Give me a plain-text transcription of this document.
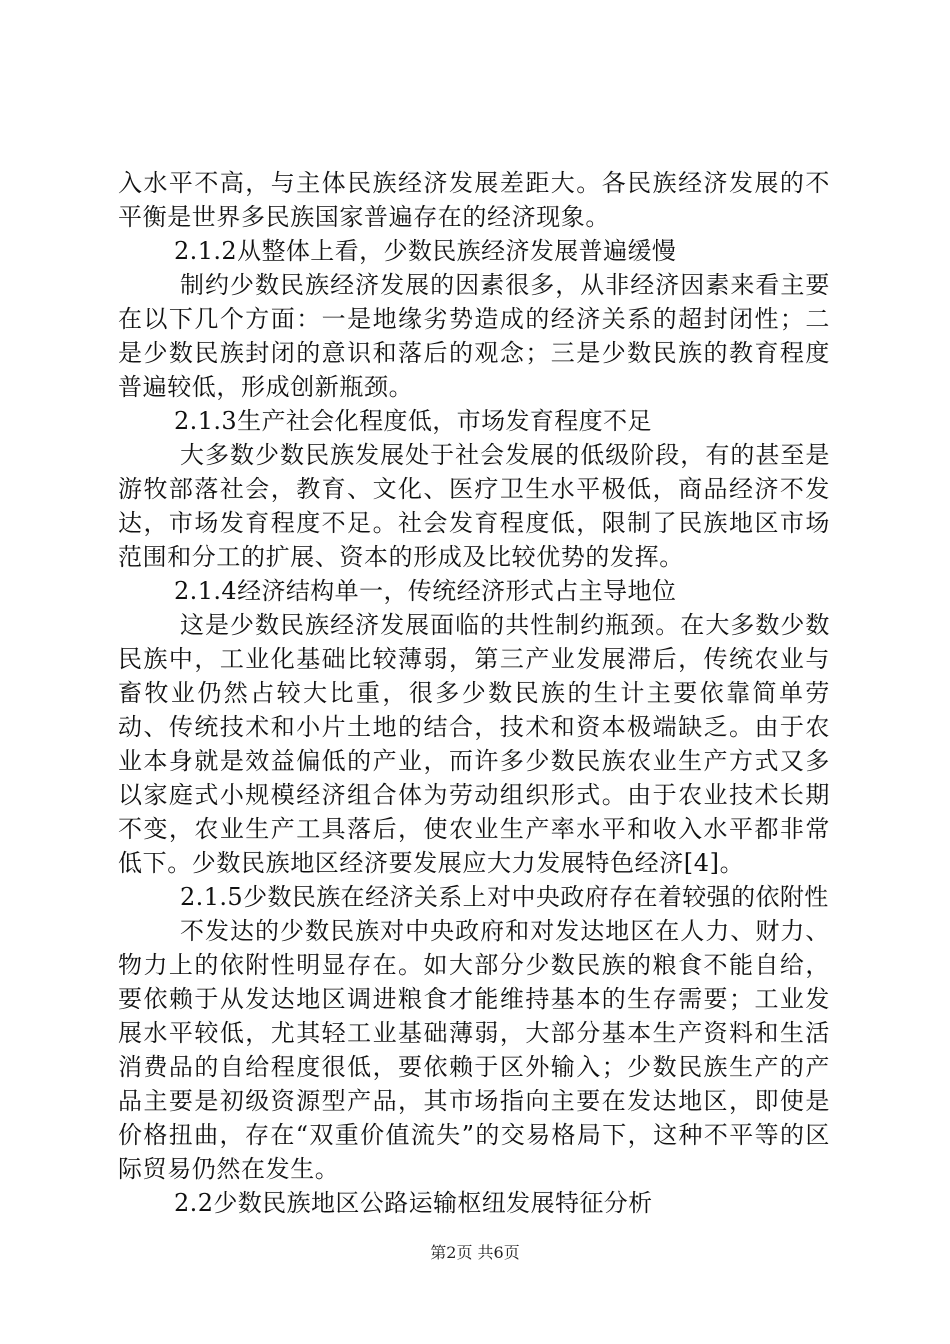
入水平不高，与主体民族经济发展差距大。各民族经济发展的不平衡是世界多民族国家普遍存在的经济现象。

2.1.2从整体上看，少数民族经济发展普遍缓慢

制约少数民族经济发展的因素很多，从非经济因素来看主要在以下几个方面：一是地缘劣势造成的经济关系的超封闭性；二是少数民族封闭的意识和落后的观念；三是少数民族的教育程度普遍较低，形成创新瓶颈。

2.1.3生产社会化程度低，市场发育程度不足

大多数少数民族发展处于社会发展的低级阶段，有的甚至是游牧部落社会，教育、文化、医疗卫生水平极低，商品经济不发达，市场发育程度不足。社会发育程度低，限制了民族地区市场范围和分工的扩展、资本的形成及比较优势的发挥。

2.1.4经济结构单一，传统经济形式占主导地位

这是少数民族经济发展面临的共性制约瓶颈。在大多数少数民族中，工业化基础比较薄弱，第三产业发展滞后，传统农业与畜牧业仍然占较大比重，很多少数民族的生计主要依靠简单劳动、传统技术和小片土地的结合，技术和资本极端缺乏。由于农业本身就是效益偏低的产业，而许多少数民族农业生产方式又多以家庭式小规模经济组合体为劳动组织形式。由于农业技术长期不变，农业生产工具落后，使农业生产率水平和收入水平都非常低下。少数民族地区经济要发展应大力发展特色经济[4]。

2.1.5少数民族在经济关系上对中央政府存在着较强的依附性

不发达的少数民族对中央政府和对发达地区在人力、财力、物力上的依附性明显存在。如大部分少数民族的粮食不能自给，要依赖于从发达地区调进粮食才能维持基本的生存需要；工业发展水平较低，尤其轻工业基础薄弱，大部分基本生产资料和生活消费品的自给程度很低，要依赖于区外输入；少数民族生产的产品主要是初级资源型产品，其市场指向主要在发达地区，即使是价格扭曲，存在“双重价值流失”的交易格局下，这种不平等的区际贸易仍然在发生。

2.2少数民族地区公路运输枢纽发展特征分析

第2页 共6页
